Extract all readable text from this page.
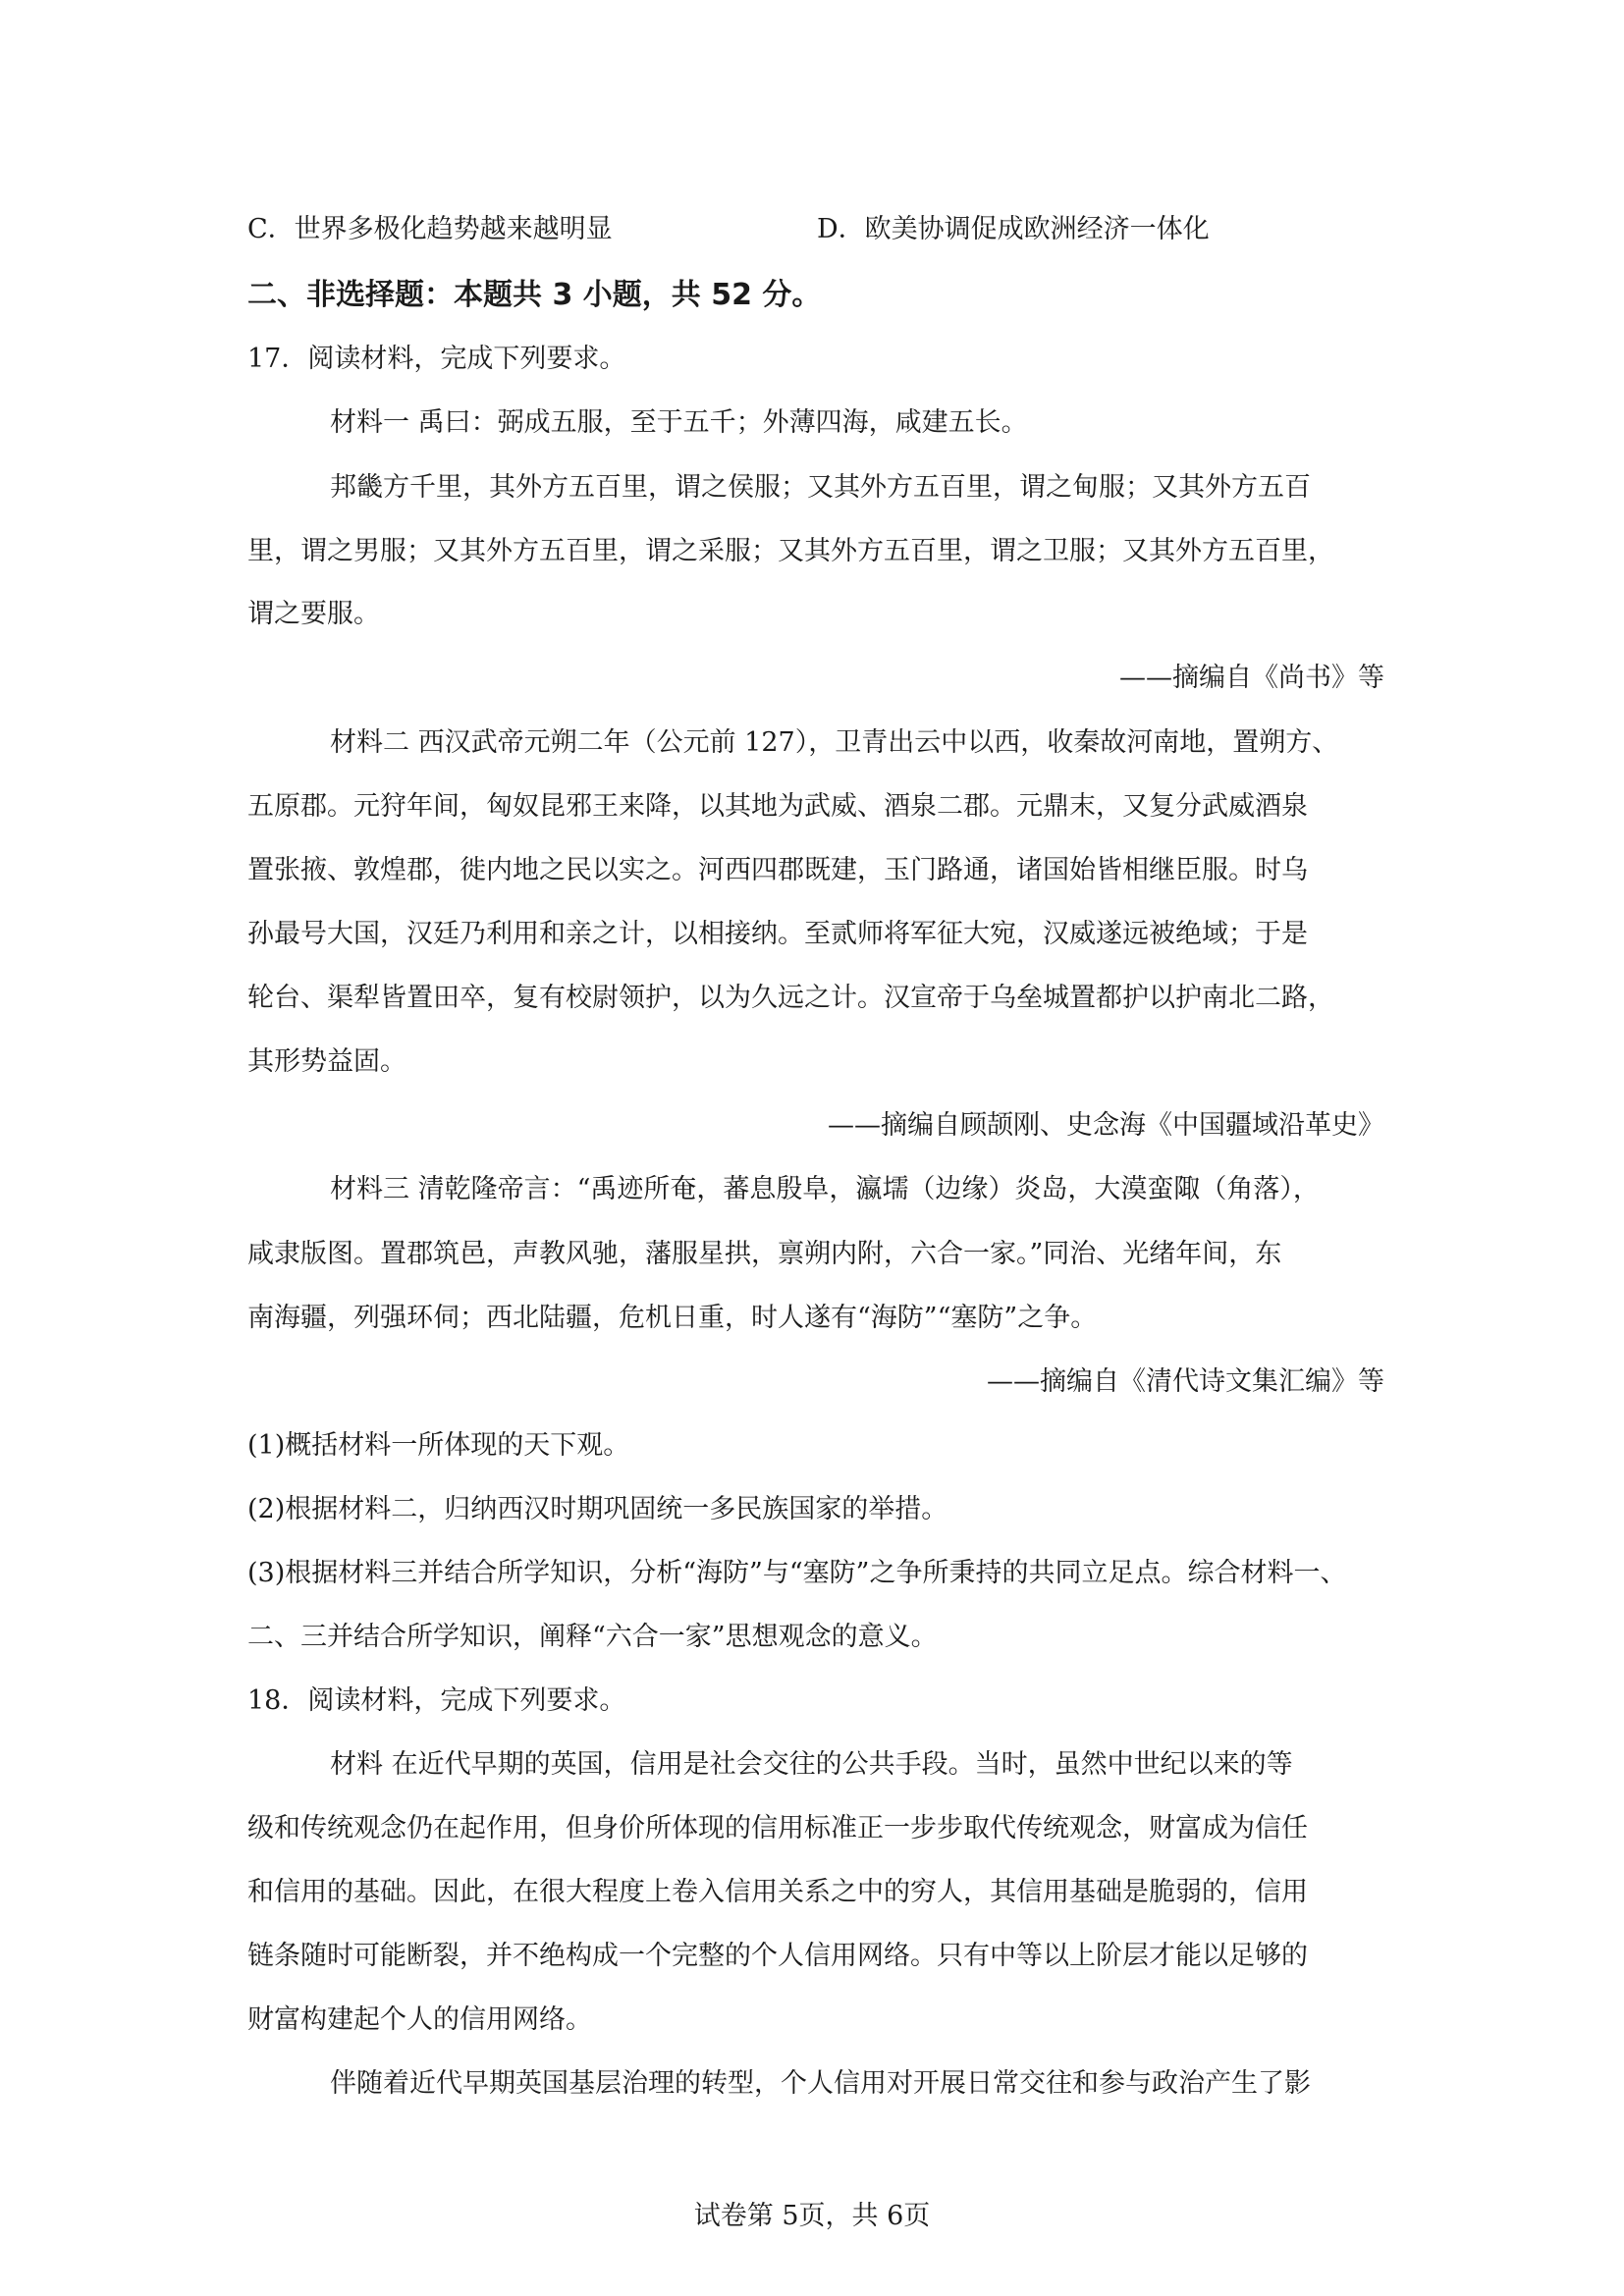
C．世界多极化趋势越来越明显	D．欧美协调促成欧洲经济一体化
二、非选择题：本题共 3 小题，共 52 分。
17．阅读材料，完成下列要求。
材料一 禹曰：弼成五服，至于五千；外薄四海，咸建五长。
邦畿方千里，其外方五百里，谓之侯服；又其外方五百里，谓之甸服；又其外方五百
里，谓之男服；又其外方五百里，谓之采服；又其外方五百里，谓之卫服；又其外方五百里，
谓之要服。
——摘编自《尚书》等
材料二 西汉武帝元朔二年（公元前 127），卫青出云中以西，收秦故河南地，置朔方、
五原郡。元狩年间，匈奴昆邪王来降，以其地为武威、酒泉二郡。元鼎末，又复分武威酒泉
置张掖、敦煌郡，徙内地之民以实之。河西四郡既建，玉门路通，诸国始皆相继臣服。时乌
孙最号大国，汉廷乃利用和亲之计，以相接纳。至贰师将军征大宛，汉威遂远被绝域；于是
轮台、渠犁皆置田卒，复有校尉领护，以为久远之计。汉宣帝于乌垒城置都护以护南北二路，
其形势益固。
——摘编自顾颉刚、史念海《中国疆域沿革史》
材料三 清乾隆帝言：“禹迹所奄，蕃息殷阜，瀛壖（边缘）炎岛，大漠蛮陬（角落），
咸隶版图。置郡筑邑，声教风驰，藩服星拱，禀朔内附，六合一家。”同治、光绪年间，东
南海疆，列强环伺；西北陆疆，危机日重，时人遂有“海防”“塞防”之争。
——摘编自《清代诗文集汇编》等
(1)概括材料一所体现的天下观。
(2)根据材料二，归纳西汉时期巩固统一多民族国家的举措。
(3)根据材料三并结合所学知识，分析“海防”与“塞防”之争所秉持的共同立足点。综合材料一、
二、三并结合所学知识，阐释“六合一家”思想观念的意义。
18．阅读材料，完成下列要求。
材料 在近代早期的英国，信用是社会交往的公共手段。当时，虽然中世纪以来的等
级和传统观念仍在起作用，但身价所体现的信用标准正一步步取代传统观念，财富成为信任
和信用的基础。因此，在很大程度上卷入信用关系之中的穷人，其信用基础是脆弱的，信用
链条随时可能断裂，并不绝构成一个完整的个人信用网络。只有中等以上阶层才能以足够的
财富构建起个人的信用网络。
伴随着近代早期英国基层治理的转型，个人信用对开展日常交往和参与政治产生了影
试卷第 5页，共 6页
